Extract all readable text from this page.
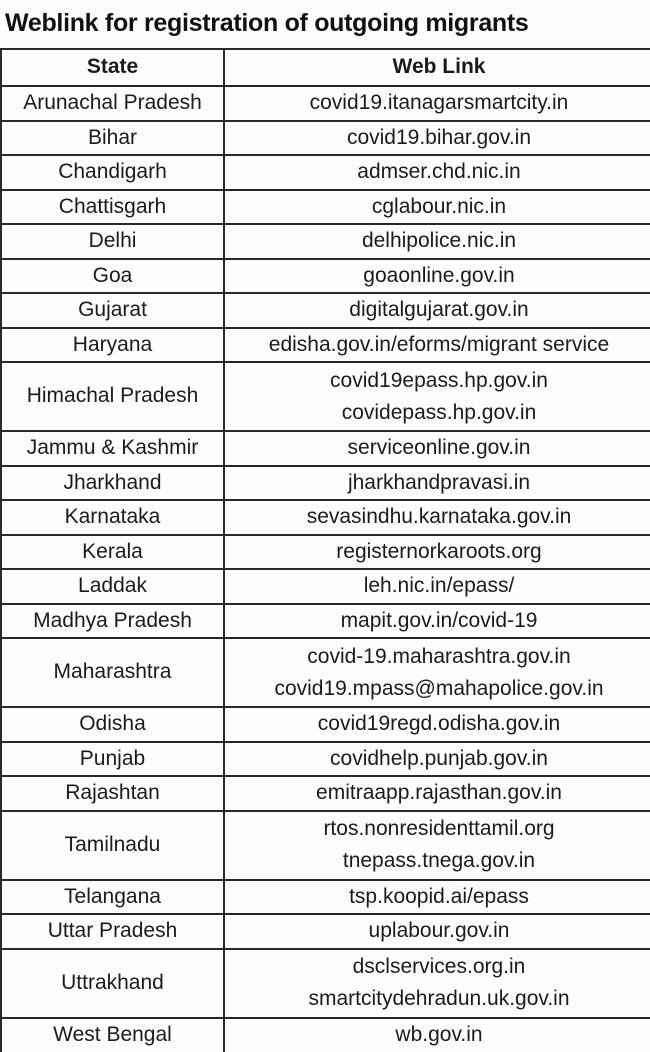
Weblink for registration of outgoing migrants
State	Web Link
Arunachal Pradesh	covid19.itanagarsmartcity.in

Bihar	covid19.bihar.gov.in

Chandigarh	admser.chd.nic.in

Chattisgarh	cglabour.nic.in

Delhi	delhipolice.nic.in

Goa	goaonline.gov.in

Gujarat	digitalgujarat.gov.in

Haryana	edisha.gov.in/eforms/migrant service

Himachal Pradesh	covid19epass.hp.gov.in
covidepass.hp.gov.in

Jammu & Kashmir	serviceonline.gov.in

Jharkhand	jharkhandpravasi.in

Karnataka	sevasindhu.karnataka.gov.in

Kerala	registernorkaroots.org

Laddak	leh.nic.in/epass/

Madhya Pradesh	mapit.gov.in/covid-19

Maharashtra	covid-19.maharashtra.gov.in
covid19.mpass@mahapolice.gov.in

Odisha	covid19regd.odisha.gov.in

Punjab	covidhelp.punjab.gov.in

Rajashtan	emitraapp.rajasthan.gov.in

Tamilnadu	rtos.nonresidenttamil.org
tnepass.tnega.gov.in

Telangana	tsp.koopid.ai/epass

Uttar Pradesh	uplabour.gov.in

Uttrakhand	dsclservices.org.in
smartcitydehradun.uk.gov.in

West Bengal	wb.gov.in
